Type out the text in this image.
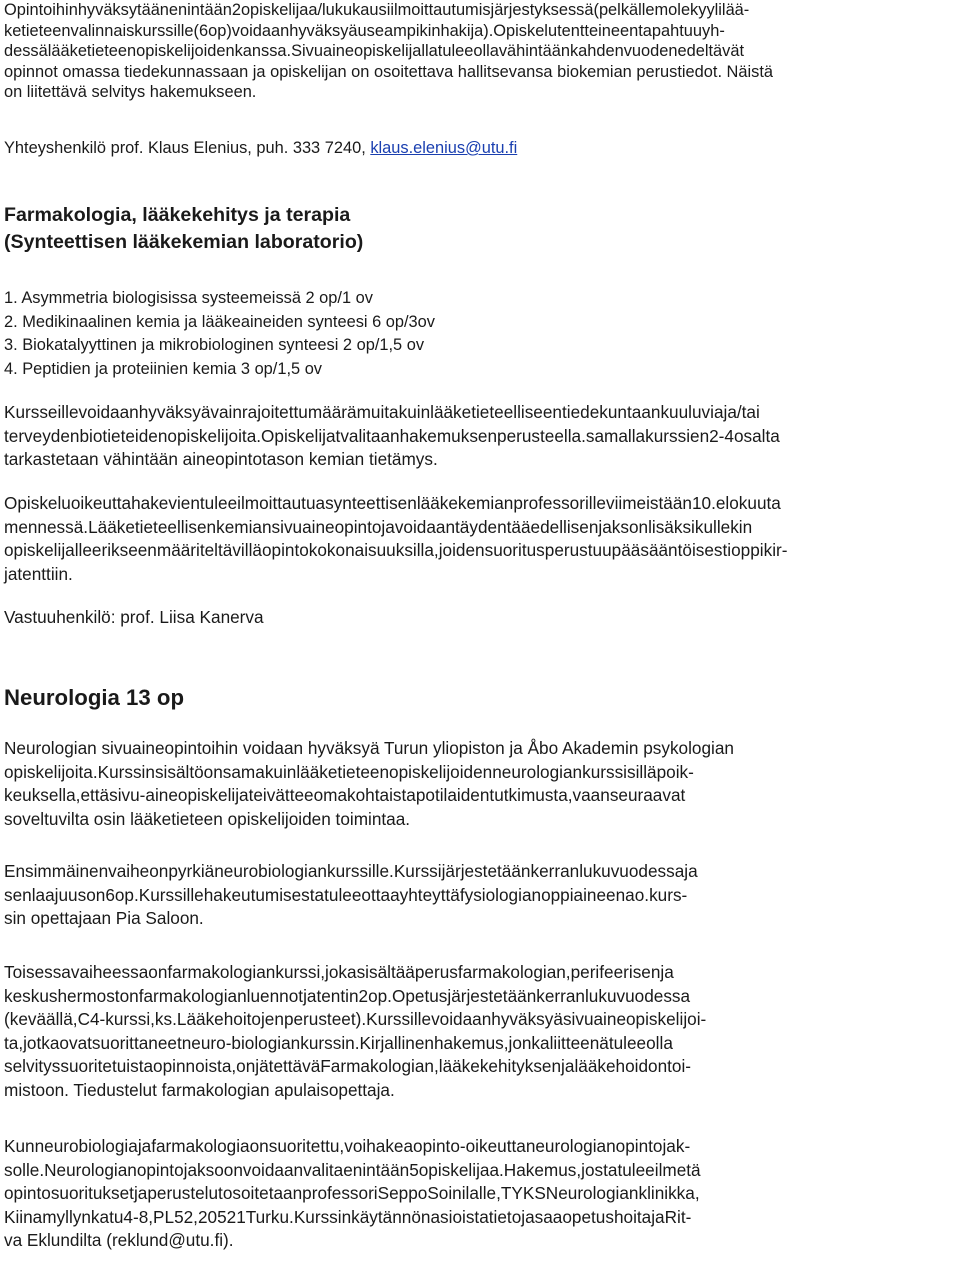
Opintoihinhyväksytäänenintään2opiskelijaa/lukukausiilmoittautumisjärjestyksessä(pelkällemolekyylilää-
ketieteenvalinnaiskurssille(6op)voidaanhyväksyäuseampikinhakija).Opiskelutentteineentapahtuuyh-
dessälääketieteenopiskelijoidenkanssa.Sivuaineopiskelijallatuleeollavähintäänkahdenvuodenedeltävät
opinnot omassa tiedekunnassaan ja opiskelijan on osoitettava hallitsevansa biokemian perustiedot. Näistä
on liitettävä selvitys hakemukseen.
Yhteyshenkilö prof. Klaus Elenius, puh. 333 7240, klaus.elenius@utu.fi
Farmakologia, lääkekehitys ja terapia
(Synteettisen lääkekemian laboratorio)
1. Asymmetria biologisissa systeemeissä 2 op/1 ov
2. Medikinaalinen kemia ja lääkeaineiden synteesi 6 op/3ov
3. Biokatalyyttinen ja mikrobiologinen synteesi 2 op/1,5 ov
4. Peptidien ja proteiinien kemia 3 op/1,5 ov
Kursseillevoidaanhyväksyävainrajoitettumäärämuitakuinlääketieteelliseentiedekuntaankuuluviaja/tai
terveydenbiotieteidenopiskelijoita.Opiskelijatvalitaanhakemuksenperusteella.samallakurssien2-4osalta
tarkastetaan vähintään aineopintotason kemian tietämys.
Opiskeluoikeuttahakevientuleeilmoittautuasynteettisenlääkekemianprofessorilleviimeistään10.elokuuta
mennessä.Lääketieteellisenkemiansivuaineopintojavoidaantäydentääedellisenjaksonlisäksikullekin
opiskelijalleerikseenmääriteltävilläopintokokonaisuuksilla,joidensuoritusperustuupääsääntöisestioppikir-
jatenttiin.
Vastuuhenkilö: prof. Liisa Kanerva
Neurologia 13 op
Neurologian sivuaineopintoihin voidaan hyväksyä Turun yliopiston ja Åbo Akademin psykologian
opiskelijoita.Kurssinsisältöonsamakuinlääketieteenopiskelijoidenneurologiankurssisilläpoik-
keuksella,ettäsivu-aineopiskelijateivätteeomakohtaistapotilaidentutkimusta,vaanseuraavat
soveltuvilta osin lääketieteen opiskelijoiden toimintaa.
Ensimmäinenvaiheonpyrkiäneurobiologiankurssille.Kurssijärjestetäänkerranlukuvuodessaja
senlaajuuson6op.Kurssillehakeutumisestatuleeottaayhteyttäfysiologianoppiaineenao.kurs-
sin opettajaan Pia Saloon.
Toisessavaiheessaonfarmakologiankurssi,jokasisältääperusfarmakologian,perifeerisenja
keskushermostonfarmakologianluennotjatentin2op.Opetusjärjestetäänkerranlukuvuodessa
(keväällä,C4-kurssi,ks.Lääkehoitojenperusteet).Kurssillevoidaanhyväksyäsivuaineopiskelijoi-
ta,jotkaovatsuorittaneetneuro-biologiankurssin.Kirjallinenhakemus,jonkaliitteenätuleeolla
selvityssuoritetuistaopinnoista,onjätettäväFarmakologian,lääkekehityksenjalääkehoidontoi-
mistoon. Tiedustelut farmakologian apulaisopettaja.
Kunneurobiologiajafarmakologiaonsuoritettu,voihakeaopinto-oikeuttaneurologianopintojak-
solle.Neurologianopintojaksoonvoidaanvalitaenintään5opiskelijaa.Hakemus,jostatuleeilmetä
opintosuorituksetjaperustelutosoitetaanprofessoriSeppoSoinilalle,TYKSNeurologianklinikka,
Kiinamyllynkatu4-8,PL52,20521Turku.KurssinkäytännönasioistatietojasaaopetushoitajaRit-
va Eklundilta (reklund@utu.fi).
